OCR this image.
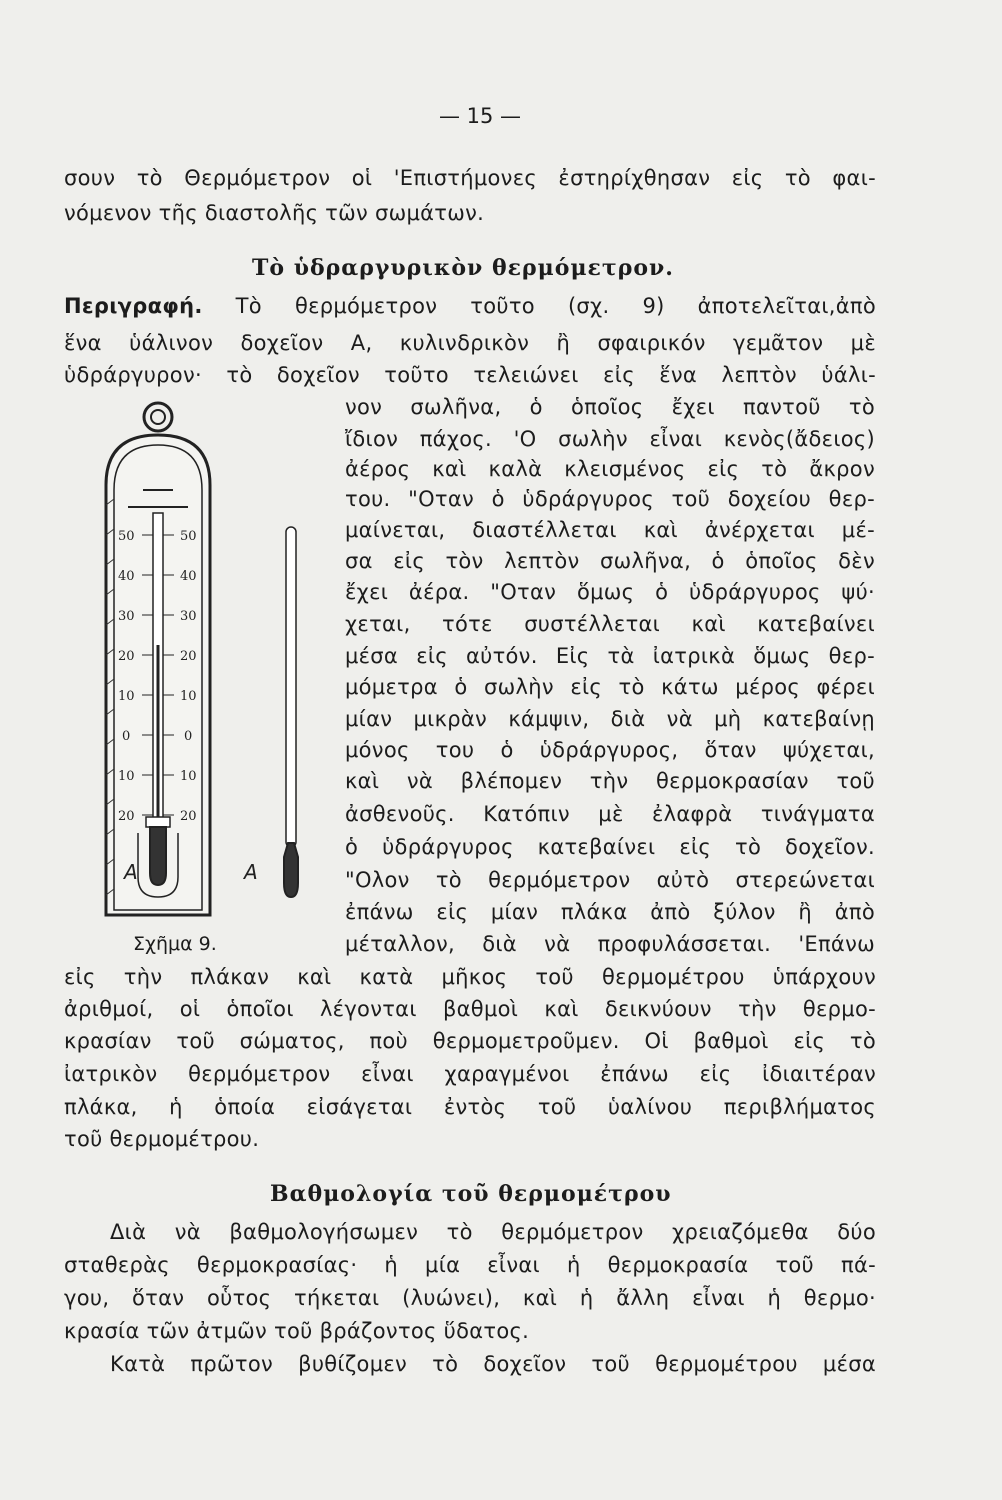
— 15 —
σουν τὸ Θερμόμετρον οἱ 'Επιστήμονες ἐστηρίχθησαν εἰς τὸ φαι-
νόμενον τῆς διαστολῆς τῶν σωμάτων.
Τὸ ὑδραργυρικὸν θερμόμετρον.
Περιγραφή. Τὸ θερμόμετρον τοῦτο (σχ. 9) ἀποτελεῖται,ἀπὸ
ἕνα ὑάλινον δοχεῖον Α, κυλινδρικὸν ἢ σφαιρικόν γεμᾶτον μὲ
ὑδράργυρον· τὸ δοχεῖον τοῦτο τελειώνει εἰς ἕνα λεπτὸν ὑάλι-
νον σωλῆνα, ὁ ὁποῖος ἔχει παντοῦ τὸ
ἴδιον πάχος. 'Ο σωλὴν εἶναι κενὸς(ἄδειος)
ἀέρος καὶ καλὰ κλεισμένος εἰς τὸ ἄκρον
του. "Οταν ὁ ὑδράργυρος τοῦ δοχείου θερ-
μαίνεται, διαστέλλεται καὶ ἀνέρχεται μέ-
σα εἰς τὸν λεπτὸν σωλῆνα, ὁ ὁποῖος δὲν
ἔχει ἀέρα. "Οταν ὅμως ὁ ὑδράργυρος ψύ·
χεται, τότε συστέλλεται καὶ κατεβαίνει
μέσα εἰς αὐτόν. Εἰς τὰ ἰατρικὰ ὅμως θερ-
μόμετρα ὁ σωλὴν εἰς τὸ κάτω μέρος φέρει
μίαν μικρὰν κάμψιν, διὰ νὰ μὴ κατεβαίνῃ
μόνος του ὁ ὑδράργυρος, ὅταν ψύχεται,
καὶ νὰ βλέπομεν τὴν θερμοκρασίαν τοῦ
ἀσθενοῦς. Κατόπιν μὲ ἐλαφρὰ τινάγματα
ὁ ὑδράργυρος κατεβαίνει εἰς τὸ δοχεῖον.
"Ολον τὸ θερμόμετρον αὐτὸ στερεώνεται
ἐπάνω εἰς μίαν πλάκα ἀπὸ ξύλον ἢ ἀπὸ
μέταλλον, διὰ νὰ προφυλάσσεται. 'Επάνω
50
40
30
20
10
0
10
20
50
40
30
20
10
0
10
20
A	A
Σχῆμα 9.
εἰς τὴν πλάκαν καὶ κατὰ μῆκος τοῦ θερμομέτρου ὑπάρχουν
ἀριθμοί, οἱ ὁποῖοι λέγονται βαθμοὶ καὶ δεικνύουν τὴν θερμο-
κρασίαν τοῦ σώματος, ποὺ θερμομετροῦμεν. Οἱ βαθμοὶ εἰς τὸ
ἰατρικὸν θερμόμετρον εἶναι χαραγμένοι ἐπάνω εἰς ἰδιαιτέραν
πλάκα, ἡ ὁποία εἰσάγεται ἐντὸς τοῦ ὑαλίνου περιβλήματος
τοῦ θερμομέτρου.
Βαθμολογία τοῦ θερμομέτρου
Διὰ νὰ βαθμολογήσωμεν τὸ θερμόμετρον χρειαζόμεθα δύο
σταθερὰς θερμοκρασίας· ἡ μία εἶναι ἡ θερμοκρασία τοῦ πά-
γου, ὅταν οὗτος τήκεται (λυώνει), καὶ ἡ ἄλλη εἶναι ἡ θερμο·
κρασία τῶν ἀτμῶν τοῦ βράζοντος ὕδατος.
Κατὰ πρῶτον βυθίζομεν τὸ δοχεῖον τοῦ θερμομέτρου μέσα
